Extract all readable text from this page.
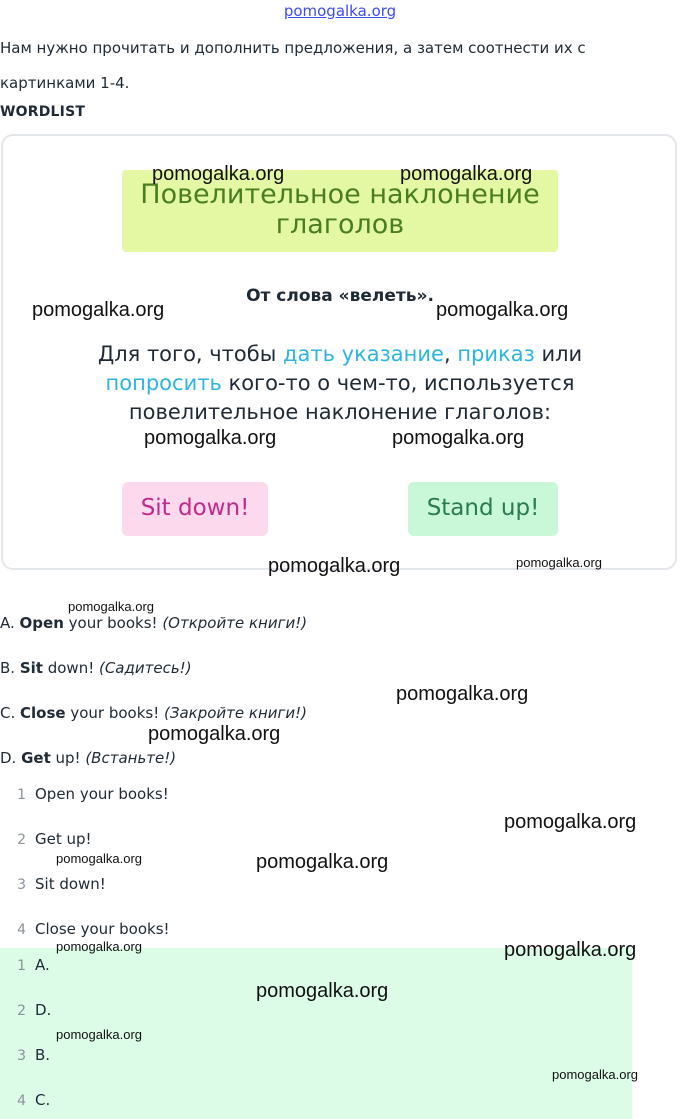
pomogalka.org
Нам нужно прочитать и дополнить предложения, а затем соотнести их с картинками 1-4.
WORDLIST
Повелительное наклонение глаголов
От слова «велеть».
Для того, чтобы дать указание, приказ или попросить кого-то о чем-то, используется повелительное наклонение глаголов:
Sit down!	Stand up!
pomogalka.org	pomogalka.org
pomogalka.org	pomogalka.org
pomogalka.org	pomogalka.org
pomogalka.org	pomogalka.org
pomogalka.org
pomogalka.org
pomogalka.org
pomogalka.org
pomogalka.org	pomogalka.org
A. Open your books! (Откройте книги!)
B. Sit down! (Садитесь!)
C. Close your books! (Закройте книги!)
D. Get up! (Встаньте!)
1 Open your books!
2 Get up!
3 Sit down!
4 Close your books!
1 A.
2 D.
3 B.
4 C.
pomogalka.org	pomogalka.org
pomogalka.org
pomogalka.org
pomogalka.org
